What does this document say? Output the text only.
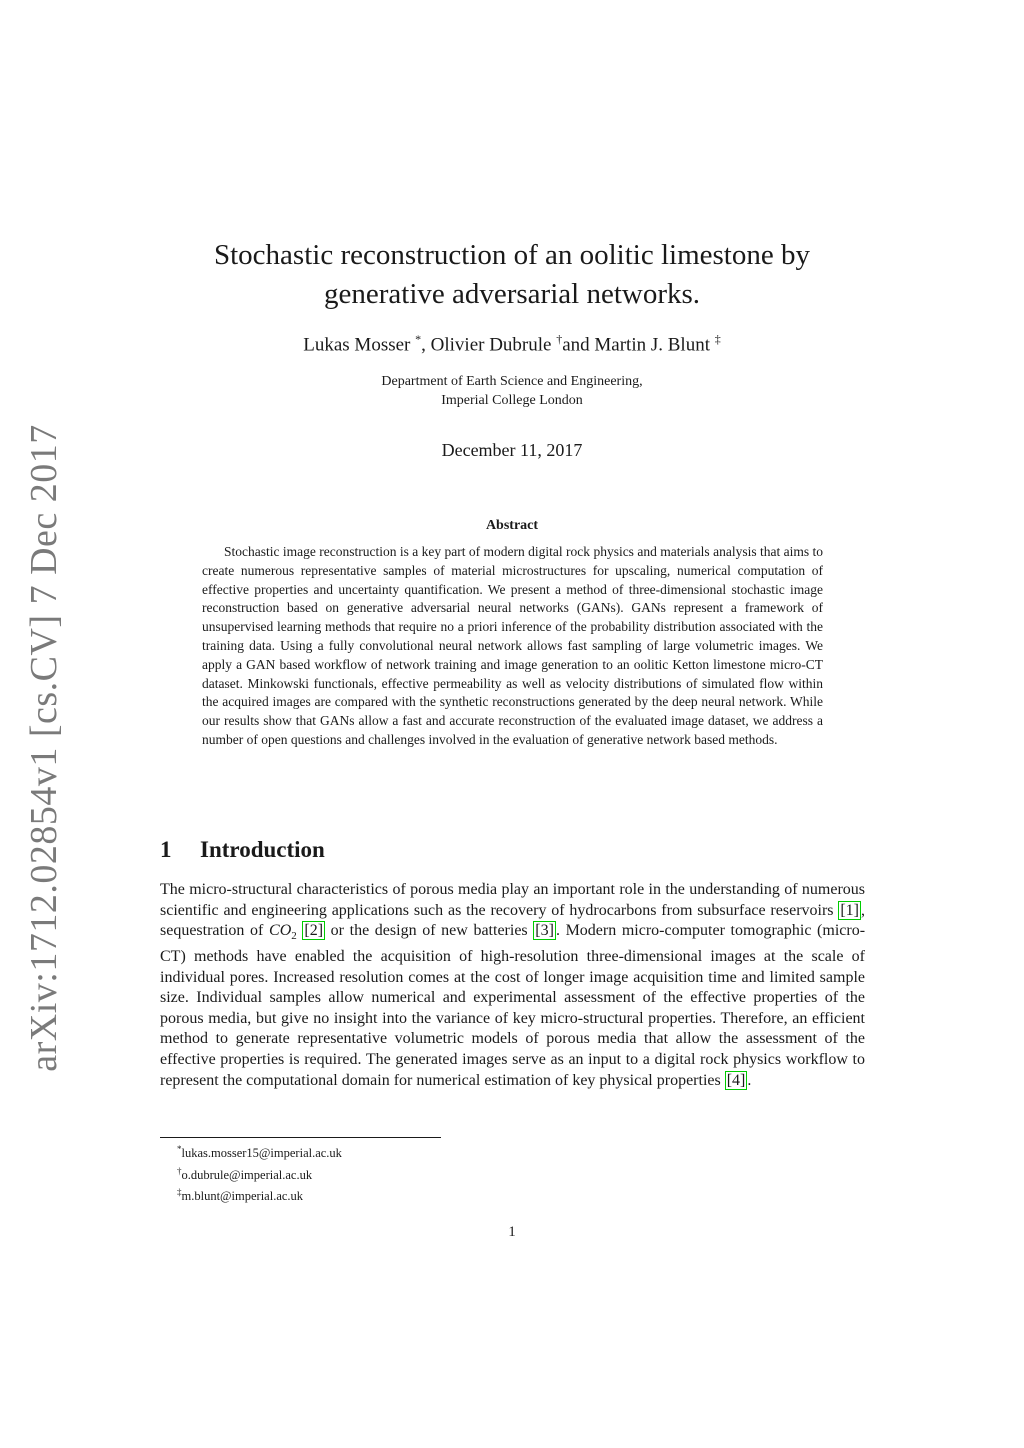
arXiv:1712.02854v1 [cs.CV] 7 Dec 2017
Stochastic reconstruction of an oolitic limestone by generative adversarial networks.
Lukas Mosser *, Olivier Dubrule †and Martin J. Blunt ‡
Department of Earth Science and Engineering,
Imperial College London
December 11, 2017
Abstract
Stochastic image reconstruction is a key part of modern digital rock physics and materials analysis that aims to create numerous representative samples of material microstructures for upscaling, numerical computation of effective properties and uncertainty quantification. We present a method of three-dimensional stochastic image reconstruction based on generative adversarial neural networks (GANs). GANs represent a framework of unsupervised learning methods that require no a priori inference of the probability distribution associated with the training data. Using a fully convolutional neural network allows fast sampling of large volumetric images. We apply a GAN based workflow of network training and image generation to an oolitic Ketton limestone micro-CT dataset. Minkowski functionals, effective permeability as well as velocity distributions of simulated flow within the acquired images are compared with the synthetic reconstructions generated by the deep neural network. While our results show that GANs allow a fast and accurate reconstruction of the evaluated image dataset, we address a number of open questions and challenges involved in the evaluation of generative network based methods.
1 Introduction
The micro-structural characteristics of porous media play an important role in the understanding of numerous scientific and engineering applications such as the recovery of hydrocarbons from subsurface reservoirs [1] , sequestration of $CO_2$ [2] or the design of new batteries [3] . Modern micro-computer tomographic (micro-CT) methods have enabled the acquisition of high-resolution three-dimensional images at the scale of individual pores. Increased resolution comes at the cost of longer image acquisition time and limited sample size. Individual samples allow numerical and experimental assessment of the effective properties of the porous media, but give no insight into the variance of key micro-structural properties. Therefore, an efficient method to generate representative volumetric models of porous media that allow the assessment of the effective properties is required. The generated images serve as an input to a digital rock physics workflow to represent the computational domain for numerical estimation of key physical properties [4] .
*lukas.mosser15@imperial.ac.uk
†o.dubrule@imperial.ac.uk
‡m.blunt@imperial.ac.uk
1
